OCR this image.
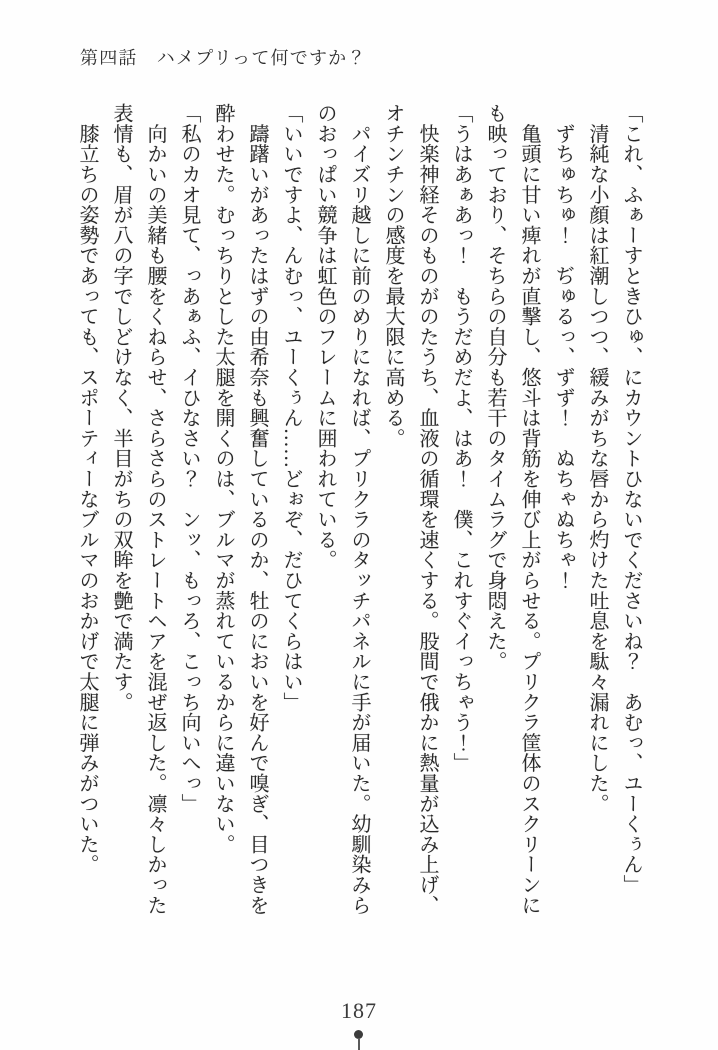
第四話　ハメプリって何ですか？

「これ、ふぁーすときひゅ、にカウントひないでくださいね？　あむっ、ユーくぅん」

　清純な小顔は紅潮しつつ、緩みがちな唇から灼けた吐息を駄々漏れにした。

　ずちゅちゅ！　ぢゅるっ、ずず！　ぬちゃぬちゃ！

　亀頭に甘い痺れが直撃し、悠斗は背筋を伸び上がらせる。プリクラ筐体のスクリーンにも映っており、そちらの自分も若干のタイムラグで身悶えた。

「うはあぁあっ！　もうだめだよ、はあ！　僕、これすぐイっちゃう！」

　快楽神経そのものがのたうち、血液の循環を速くする。股間で俄かに熱量が込み上げ、オチンチンの感度を最大限に高める。

　パイズリ越しに前のめりになれば、プリクラのタッチパネルに手が届いた。幼馴染みらのおっぱい競争は虹色のフレームに囲われている。

「いいですよ、んむっ、ユーくぅん……どぉぞ、だひてくらはい」

　躊躇いがあったはずの由希奈も興奮しているのか、牡のにおいを好んで嗅ぎ、目つきを酔わせた。むっちりとした太腿を開くのは、ブルマが蒸れているからに違いない。

「私のカオ見て、っあぁふ、イひなさい？　ンッ、もっろ、こっち向いへっ」

　向かいの美緒も腰をくねらせ、さらさらのストレートヘアを混ぜ返した。凛々しかった表情も、眉が八の字でしどけなく、半目がちの双眸を艶で満たす。

　膝立ちの姿勢であっても、スポーティーなブルマのおかげで太腿に弾みがついた。

187
